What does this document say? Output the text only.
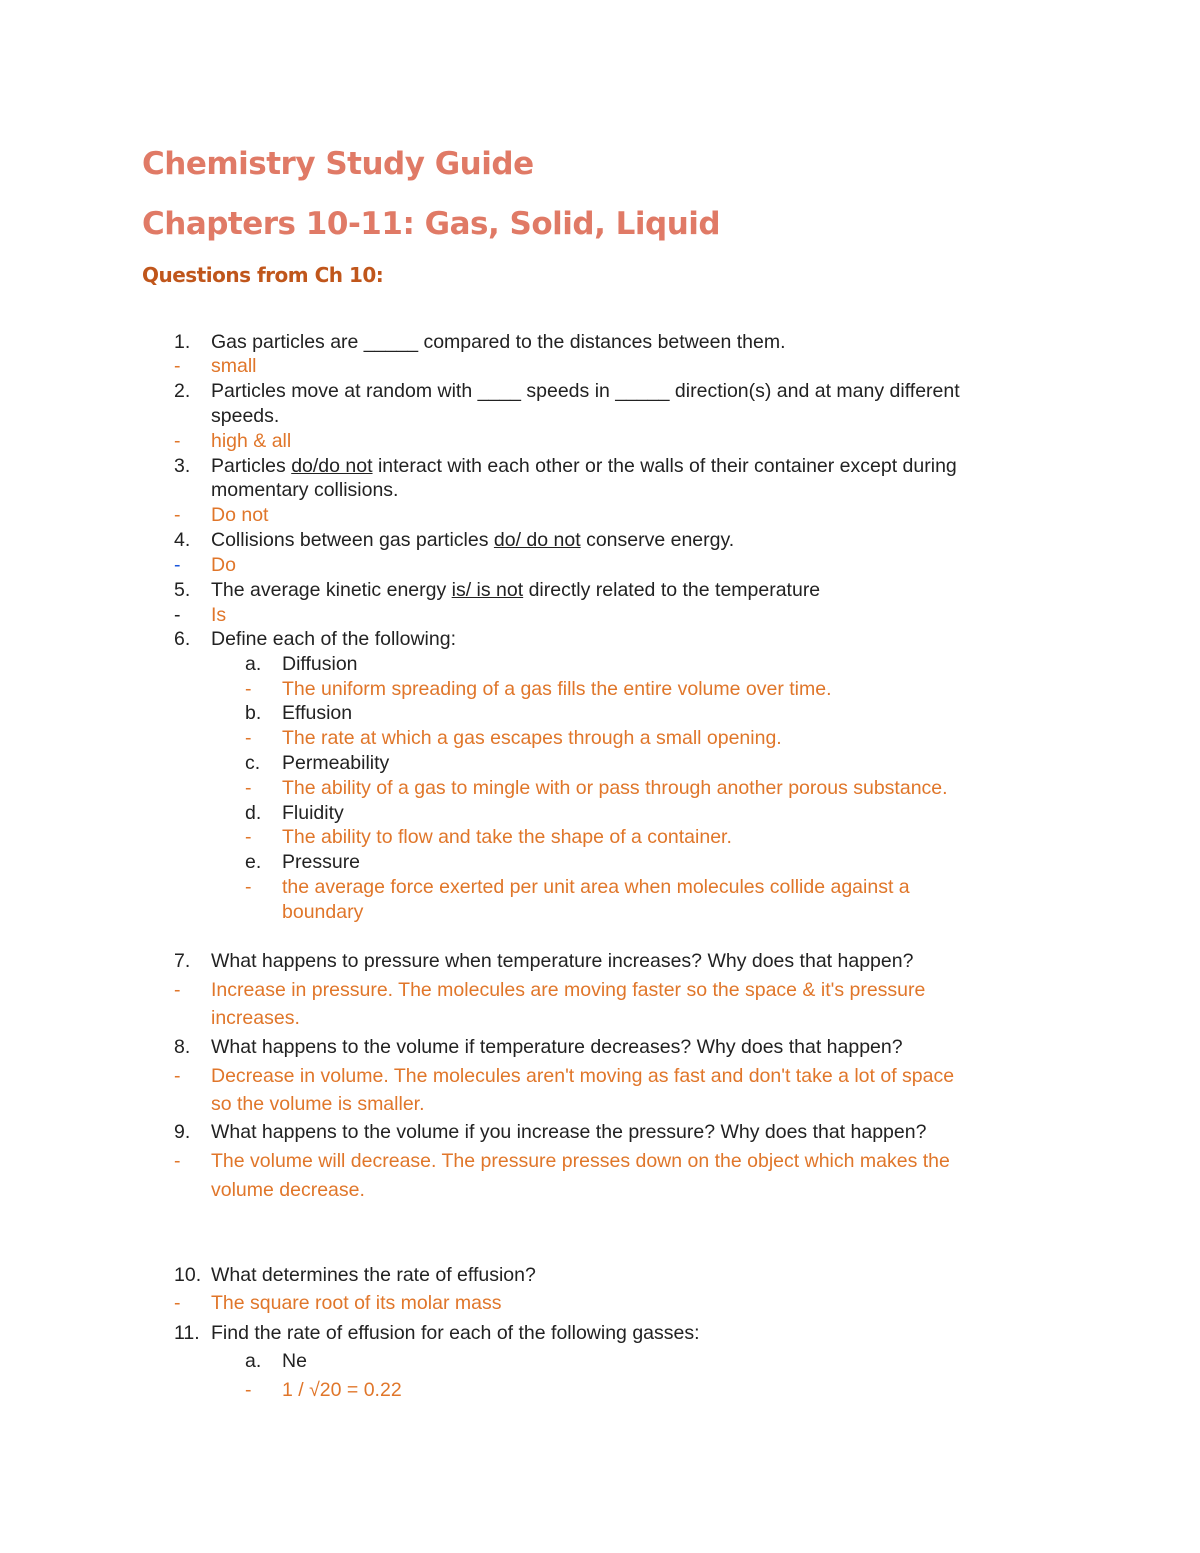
Chemistry Study Guide
Chapters 10-11: Gas, Solid, Liquid
Questions from Ch 10:
1.	Gas particles are _____ compared to the distances between them.
-	small
2.	Particles move at random with ____ speeds in _____ direction(s) and at many different
speeds.
-	high & all
3.	Particles do/do not interact with each other or the walls of their container except during
momentary collisions.
-	Do not
4.	Collisions between gas particles do/ do not conserve energy.
-	Do
5.	The average kinetic energy is/ is not directly related to the temperature
-	Is
6.	Define each of the following:
a.	Diffusion
-	The uniform spreading of a gas fills the entire volume over time.
b.	Effusion
-	The rate at which a gas escapes through a small opening.
c.	Permeability
-	The ability of a gas to mingle with or pass through another porous substance.
d.	Fluidity
-	The ability to flow and take the shape of a container.
e.	Pressure
-	the average force exerted per unit area when molecules collide against a
boundary
7.	What happens to pressure when temperature increases? Why does that happen?
-	Increase in pressure. The molecules are moving faster so the space & it's pressure
increases.
8.	What happens to the volume if temperature decreases? Why does that happen?
-	Decrease in volume. The molecules aren't moving as fast and don't take a lot of space
so the volume is smaller.
9.	What happens to the volume if you increase the pressure? Why does that happen?
-	The volume will decrease. The pressure presses down on the object which makes the
volume decrease.
10. What determines the rate of effusion?
-	The square root of its molar mass
11. Find the rate of effusion for each of the following gasses:
a.	Ne
-	1 / √20 = 0.22
